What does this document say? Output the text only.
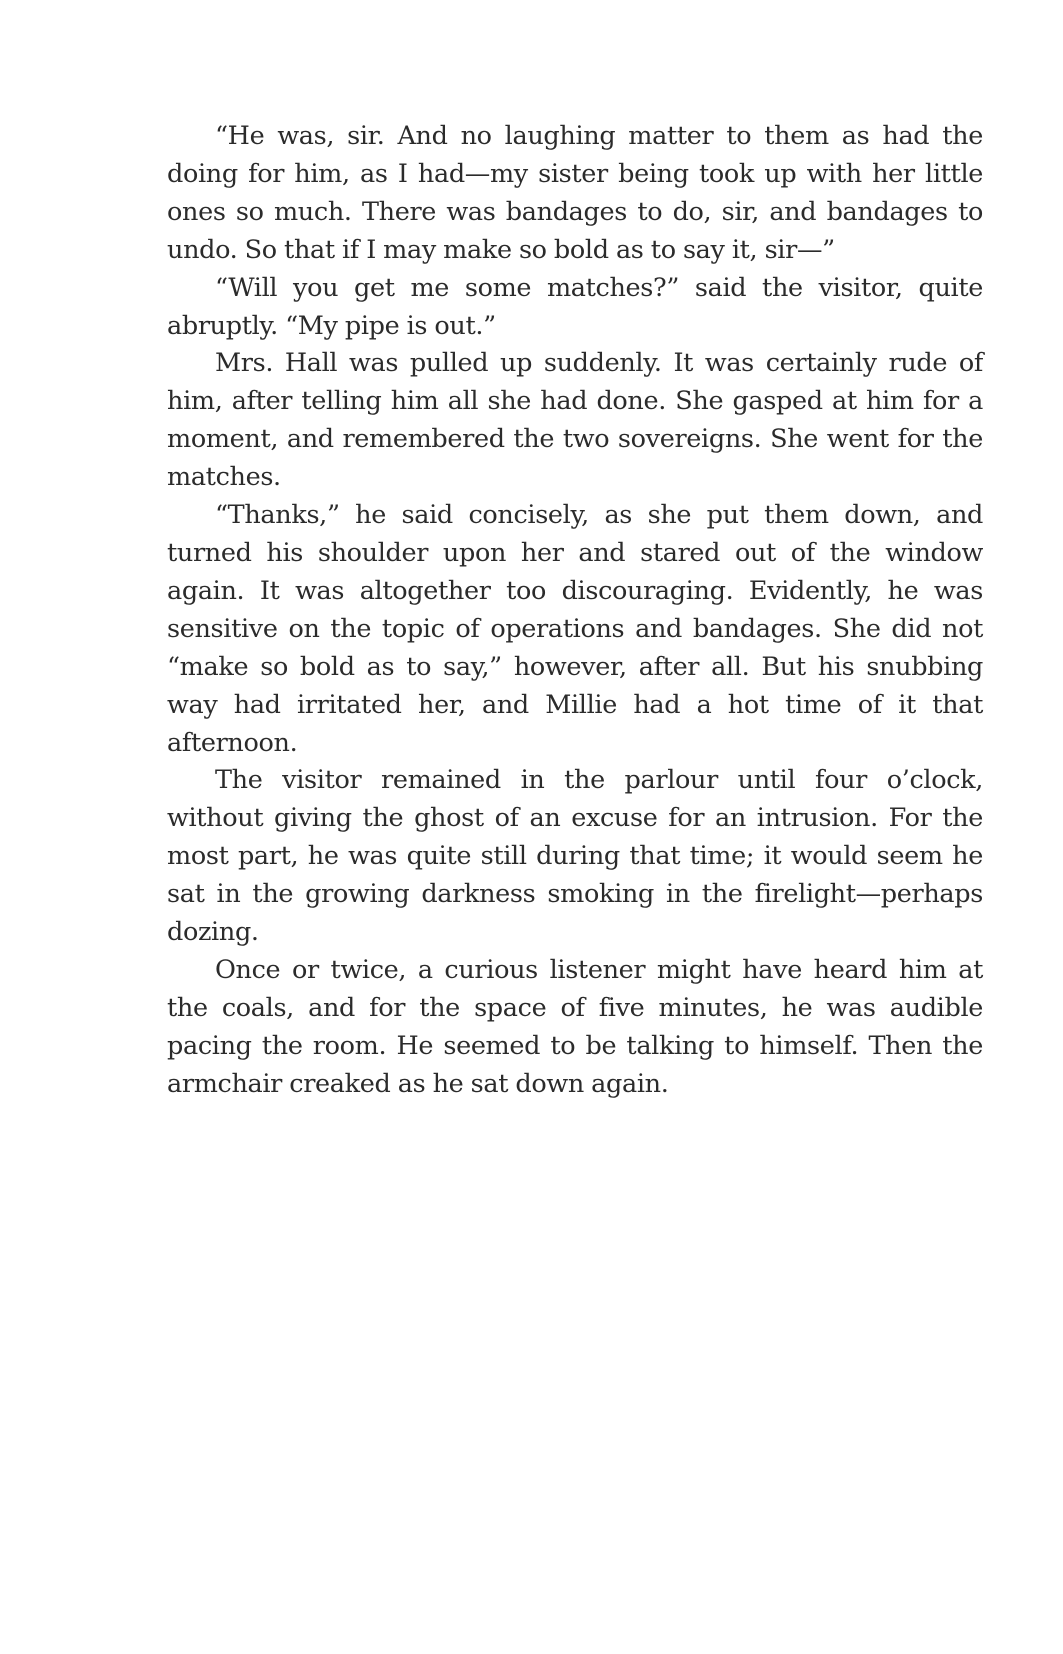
“He was, sir. And no laughing matter to them as had the doing for him, as I had—my sister being took up with her little ones so much. There was bandages to do, sir, and bandages to undo. So that if I may make so bold as to say it, sir—”

“Will you get me some matches?” said the visitor, quite abruptly. “My pipe is out.”

Mrs. Hall was pulled up suddenly. It was certainly rude of him, after telling him all she had done. She gasped at him for a moment, and remembered the two sovereigns. She went for the matches.

“Thanks,” he said concisely, as she put them down, and turned his shoulder upon her and stared out of the window again. It was altogether too discouraging. Evidently, he was sensitive on the topic of operations and bandages. She did not “make so bold as to say,” however, after all. But his snubbing way had irritated her, and Millie had a hot time of it that afternoon.

The visitor remained in the parlour until four o’clock, without giving the ghost of an excuse for an intrusion. For the most part, he was quite still during that time; it would seem he sat in the growing darkness smoking in the firelight—perhaps dozing.

Once or twice, a curious listener might have heard him at the coals, and for the space of five minutes, he was audible pacing the room. He seemed to be talking to himself. Then the armchair creaked as he sat down again.
